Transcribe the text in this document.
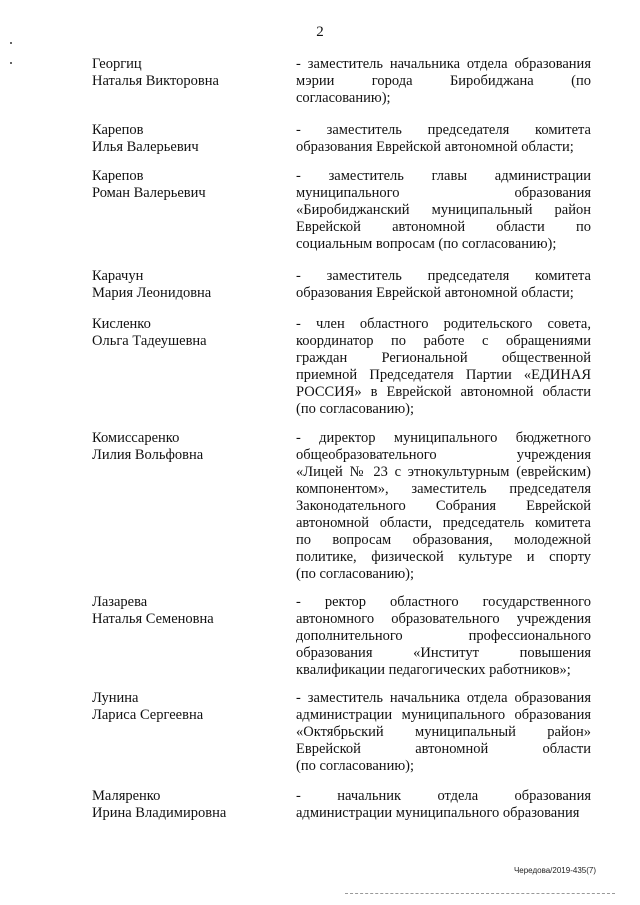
2
Георгиц
Наталья Викторовна
- заместитель начальника отдела образования
мэрии города Биробиджана (по
согласованию);
Карепов
Илья Валерьевич
- заместитель председателя комитета
образования Еврейской автономной области;
Карепов
Роман Валерьевич
- заместитель главы администрации
муниципального образования
«Биробиджанский муниципальный район
Еврейской автономной области по
социальным вопросам (по согласованию);
Карачун
Мария Леонидовна
- заместитель председателя комитета
образования Еврейской автономной области;
Кисленко
Ольга Тадеушевна
- член областного родительского совета,
координатор по работе с обращениями
граждан Региональной общественной
приемной Председателя Партии «ЕДИНАЯ
РОССИЯ» в Еврейской автономной области
(по согласованию);
Комиссаренко
Лилия Вольфовна
- директор муниципального бюджетного
общеобразовательного учреждения
«Лицей № 23 с этнокультурным (еврейским)
компонентом», заместитель председателя
Законодательного Собрания Еврейской
автономной области, председатель комитета
по вопросам образования, молодежной
политике, физической культуре и спорту
(по согласованию);
Лазарева
Наталья Семеновна
- ректор областного государственного
автономного образовательного учреждения
дополнительного профессионального
образования «Институт повышения
квалификации педагогических работников»;
Лунина
Лариса Сергеевна
- заместитель начальника отдела образования
администрации муниципального образования
«Октябрьский муниципальный район»
Еврейской автономной области
(по согласованию);
Маляренко
Ирина Владимировна
- начальник отдела образования
администрации муниципального образования
Чередова/2019-435(7)
